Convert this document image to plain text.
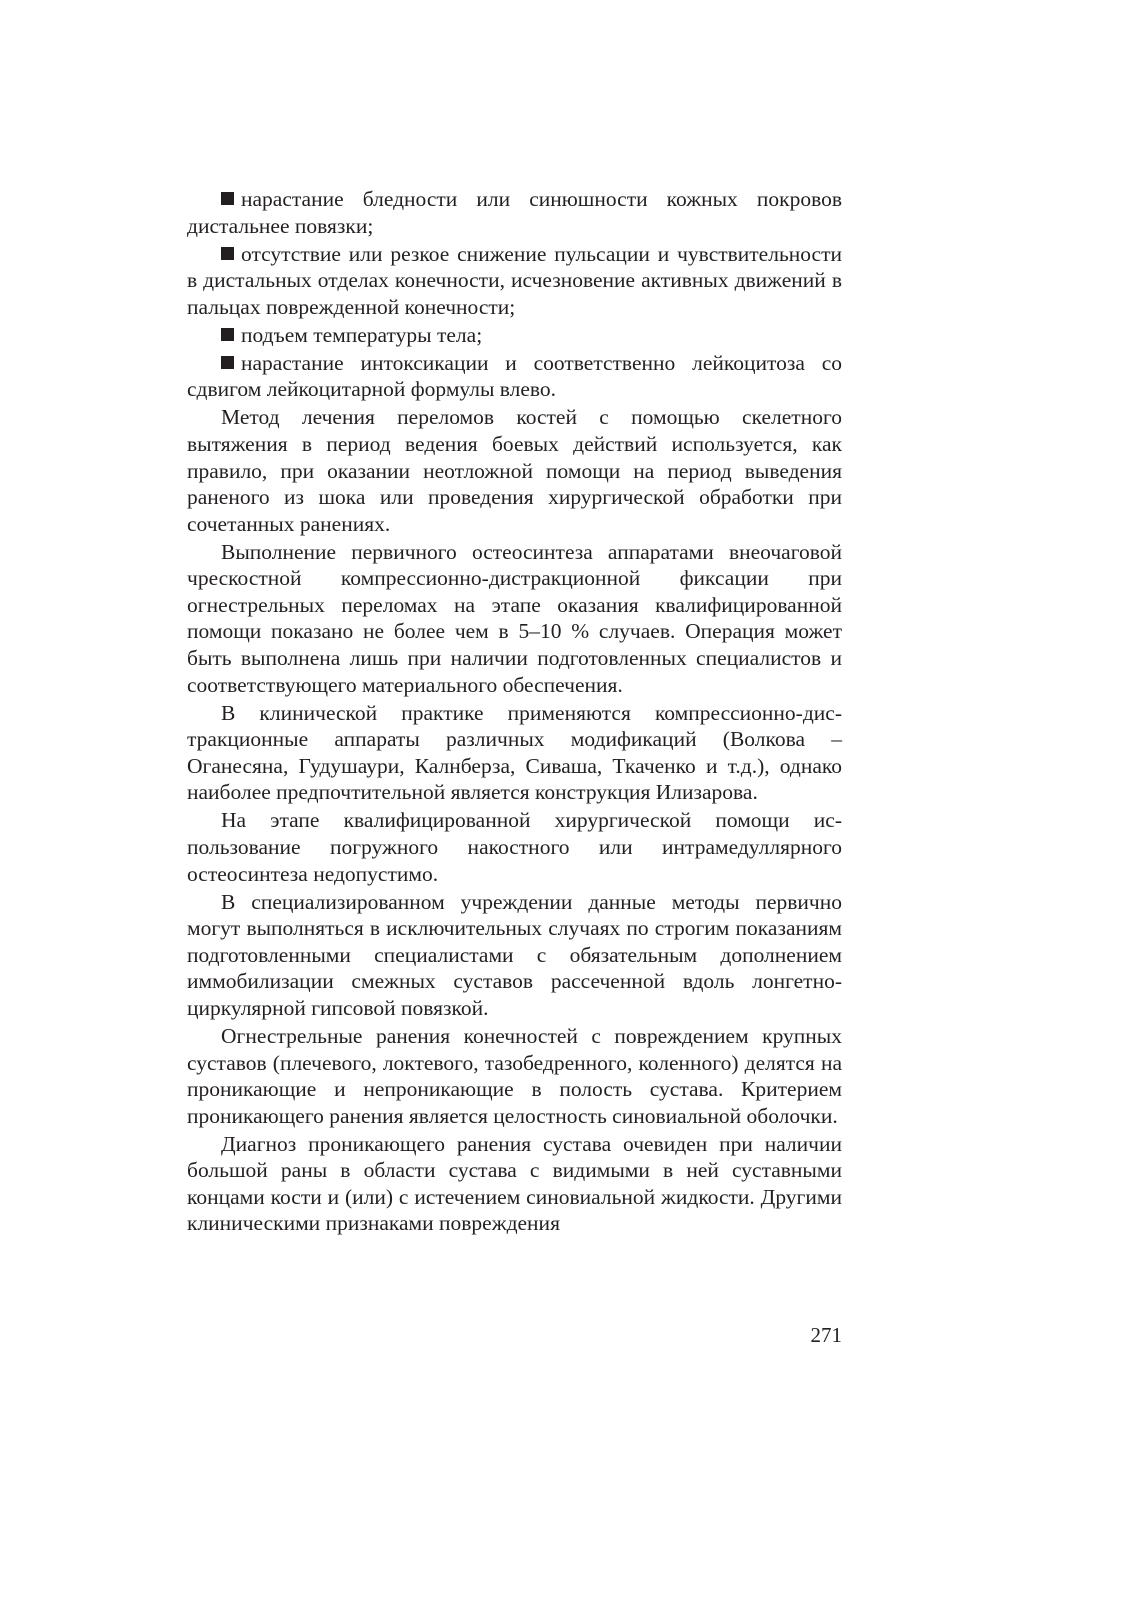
нарастание бледности или синюшности кожных покровов дистальнее повязки;

отсутствие или резкое снижение пульсации и чувствительности в дистальных отделах конечности, исчезновение активных движений в пальцах поврежденной конечности;

подъем температуры тела;

нарастание интоксикации и соответственно лейкоцитоза со сдвигом лейкоцитарной формулы влево.

Метод лечения переломов костей с помощью скелетного вытяжения в период ведения боевых действий используется, как правило, при оказании неотложной помощи на период выведения раненого из шока или проведения хирургической обработки при сочетанных ранениях.

Выполнение первичного остеосинтеза аппаратами внеочаговой чрескостной компрессионно-дистракционной фиксации при огнестрельных переломах на этапе оказания квалифицированной помощи показано не более чем в 5–10 % случаев. Операция может быть выполнена лишь при наличии подготовленных специалистов и соответствующего материального обеспечения.

В клинической практике применяются компрессионно-дистракционные аппараты различных модификаций (Волкова – Оганесяна, Гудушаури, Калнберза, Сиваша, Ткаченко и т.д.), однако наиболее предпочтительной является конструкция Илизарова.

На этапе квалифицированной хирургической помощи использование погружного накостного или интрамедуллярного остеосинтеза недопустимо.

В специализированном учреждении данные методы первично могут выполняться в исключительных случаях по строгим показаниям подготовленными специалистами с обязательным дополнением иммобилизации смежных суставов рассеченной вдоль лонгетно-циркулярной гипсовой повязкой.

Огнестрельные ранения конечностей с повреждением крупных суставов (плечевого, локтевого, тазобедренного, коленного) делятся на проникающие и непроникающие в полость сустава. Критерием проникающего ранения является целостность синовиальной оболочки.

Диагноз проникающего ранения сустава очевиден при наличии большой раны в области сустава с видимыми в ней суставными концами кости и (или) с истечением синовиальной жидкости. Другими клиническими признаками повреждения

271
